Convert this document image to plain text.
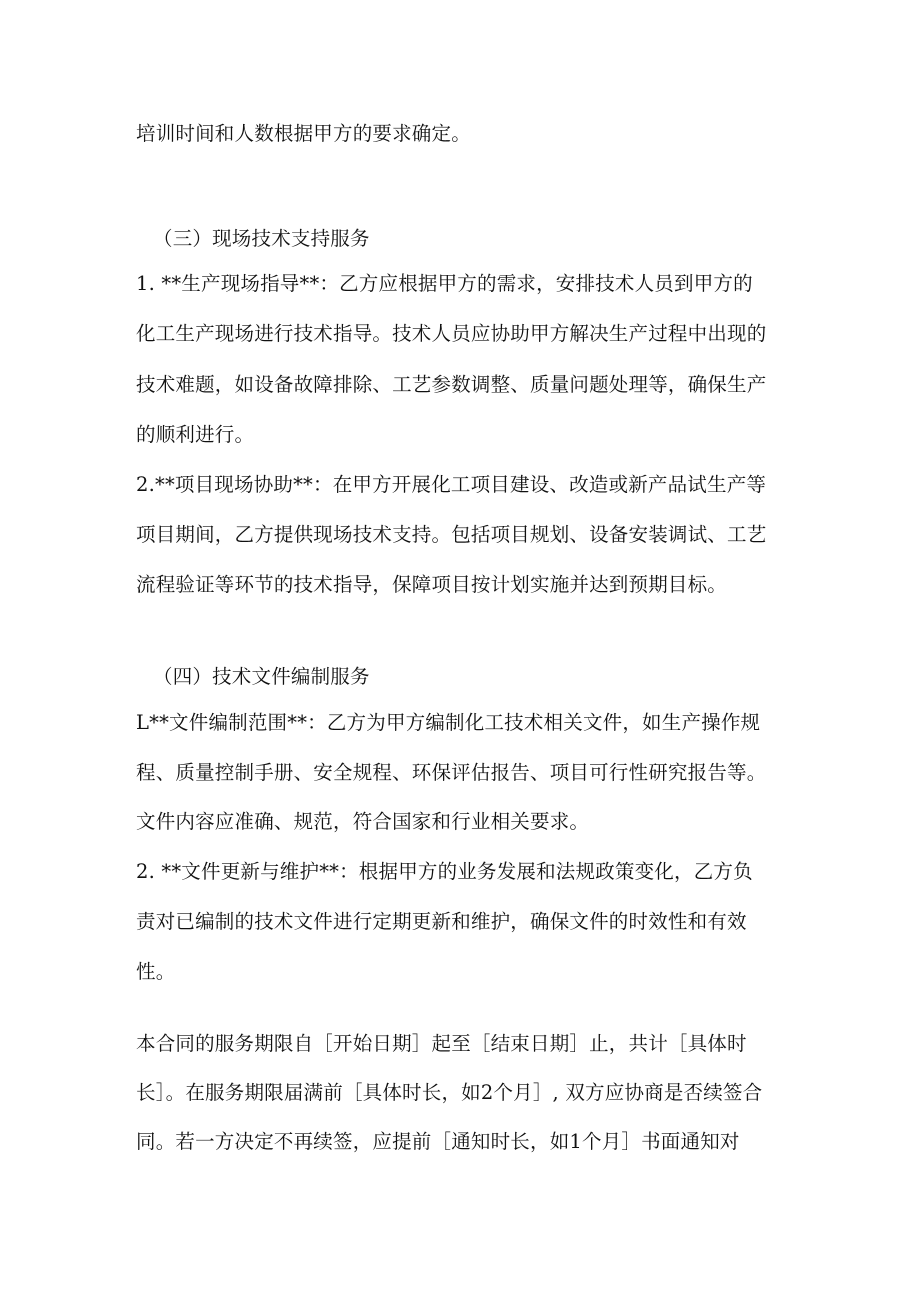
培训时间和人数根据甲方的要求确定。
（三）现场技术支持服务
1. **生产现场指导**：乙方应根据甲方的需求，安排技术人员到甲方的
化工生产现场进行技术指导。技术人员应协助甲方解决生产过程中出现的
技术难题，如设备故障排除、工艺参数调整、质量问题处理等，确保生产
的顺利进行。
2.**项目现场协助**：在甲方开展化工项目建设、改造或新产品试生产等
项目期间，乙方提供现场技术支持。包括项目规划、设备安装调试、工艺
流程验证等环节的技术指导，保障项目按计划实施并达到预期目标。
（四）技术文件编制服务
L**文件编制范围**：乙方为甲方编制化工技术相关文件，如生产操作规
程、质量控制手册、安全规程、环保评估报告、项目可行性研究报告等。
文件内容应准确、规范，符合国家和行业相关要求。
2. **文件更新与维护**：根据甲方的业务发展和法规政策变化，乙方负
责对已编制的技术文件进行定期更新和维护，确保文件的时效性和有效
性。
本合同的服务期限自［开始日期］起至［结束日期］止，共计［具体时
长］。在服务期限届满前［具体时长，如2个月］, 双方应协商是否续签合
同。若一方决定不再续签，应提前［通知时长，如1个月］书面通知对
